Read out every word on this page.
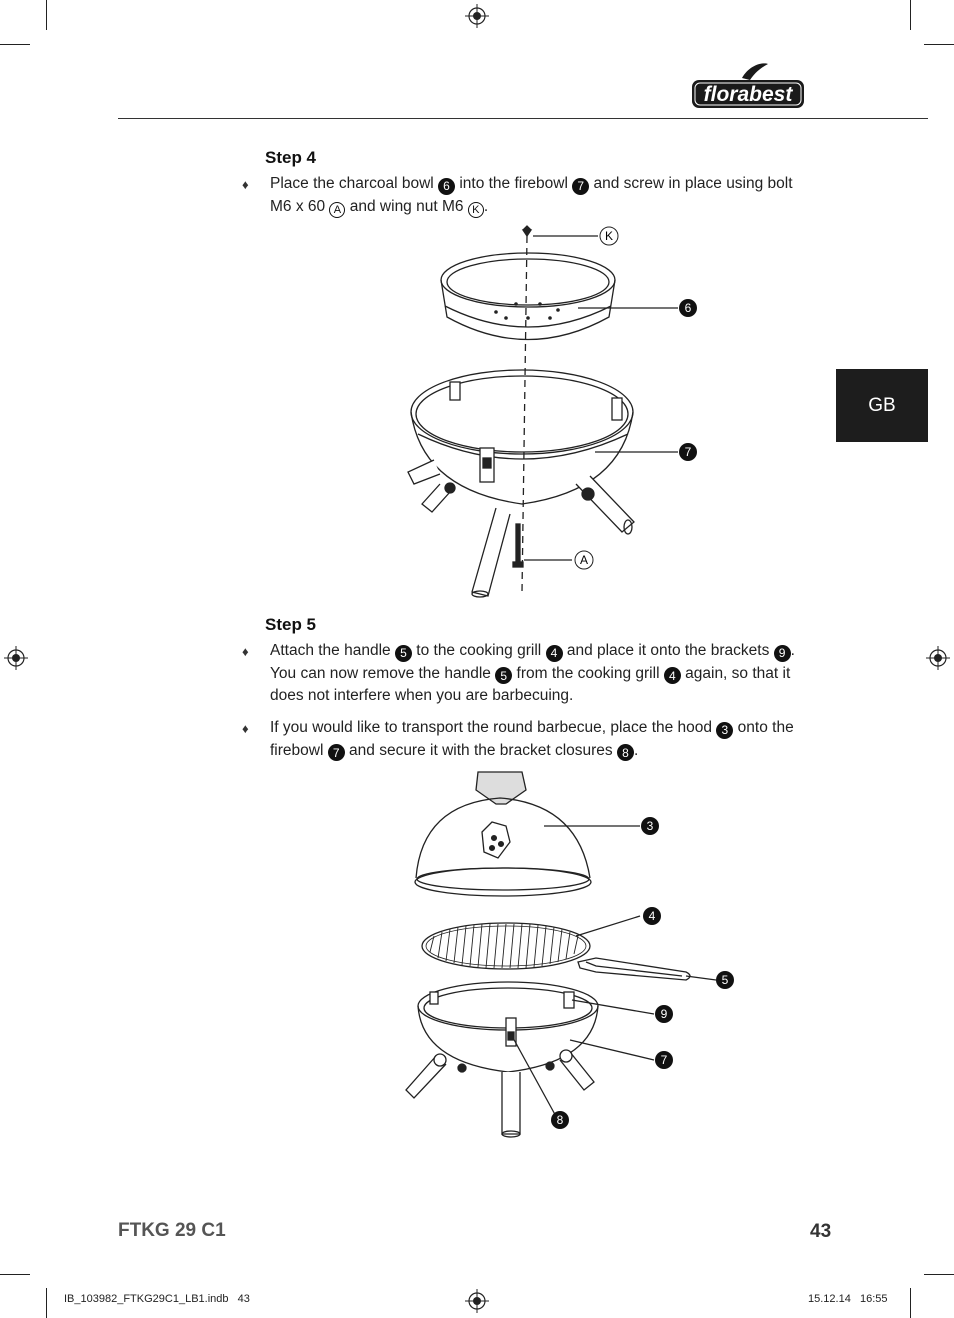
florabest
GB
Step 4
♦ Place the charcoal bowl 6 into the firebowl 7 and screw in place using bolt M6 x 60 A and wing nut M6 K .
K
6
7
A
Step 5
♦ Attach the handle 5 to the cooking grill 4 and place it onto the brackets 9 . You can now remove the handle 5 from the cooking grill 4 again, so that it does not interfere when you are barbecuing.
♦ If you would like to transport the round barbecue, place the hood 3 onto the firebowl 7 and secure it with the bracket closures 8 .
3
4
5
9
7
8
FTKG 29 C1	43
IB_103982_FTKG29C1_LB1.indb   43	15.12.14   16:55
